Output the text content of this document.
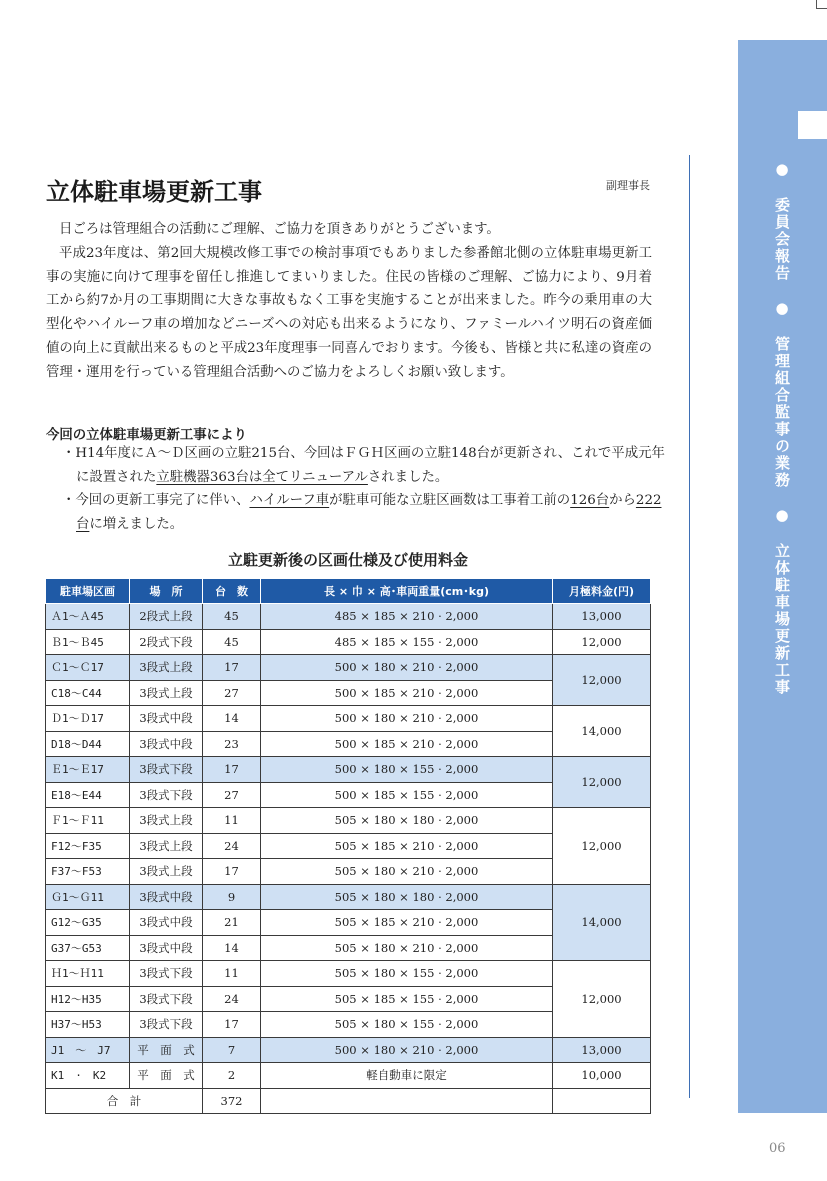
●　委員会報告　●　管理組合監事の業務　●　立体駐車場更新工事
立体駐車場更新工事	副理事長

日ごろは管理組合の活動にご理解、ご協力を頂きありがとうございます。

平成23年度は、第2回大規模改修工事での検討事項でもありました参番館北側の立体駐車場更新工事の実施に向けて理事を留任し推進してまいりました。住民の皆様のご理解、ご協力により、9月着工から約7か月の工事期間に大きな事故もなく工事を実施することが出来ました。昨今の乗用車の大型化やハイルーフ車の増加などニーズへの対応も出来るようになり、ファミールハイツ明石の資産価値の向上に貢献出来るものと平成23年度理事一同喜んでおります。今後も、皆様と共に私達の資産の管理・運用を行っている管理組合活動へのご協力をよろしくお願い致します。

今回の立体駐車場更新工事により
・H14年度にＡ～Ｄ区画の立駐215台、今回はＦＧＨ区画の立駐148台が更新され、これで平成元年に設置された立駐機器363台は全てリニューアルされました。
・今回の更新工事完了に伴い、ハイルーフ車が駐車可能な立駐区画数は工事着工前の126台から222台に増えました。
立駐更新後の区画仕様及び使用料金
駐車場区画	場　所	台　数	長 × 巾 × 高･車両重量(cm･kg)	月極料金(円)
Ａ1～Ａ45	2段式上段	45	485 × 185 × 210 · 2,000	13,000
Ｂ1～Ｂ45	2段式下段	45	485 × 185 × 155 · 2,000	12,000
Ｃ1～Ｃ17	3段式上段	17	500 × 180 × 210 · 2,000	12,000
C18～C44	3段式上段	27	500 × 185 × 210 · 2,000	
Ｄ1～Ｄ17	3段式中段	14	500 × 180 × 210 · 2,000	14,000
D18～D44	3段式中段	23	500 × 185 × 210 · 2,000	
Ｅ1～Ｅ17	3段式下段	17	500 × 180 × 155 · 2,000	12,000
E18～E44	3段式下段	27	500 × 185 × 155 · 2,000	
Ｆ1～Ｆ11	3段式上段	11	505 × 180 × 180 · 2,000	12,000
F12～F35	3段式上段	24	505 × 185 × 210 · 2,000	
F37～F53	3段式上段	17	505 × 180 × 210 · 2,000	
Ｇ1～Ｇ11	3段式中段	9	505 × 180 × 180 · 2,000	14,000
G12～G35	3段式中段	21	505 × 185 × 210 · 2,000	
G37～G53	3段式中段	14	505 × 180 × 210 · 2,000	
Ｈ1～Ｈ11	3段式下段	11	505 × 180 × 155 · 2,000	12,000
H12～H35	3段式下段	24	505 × 185 × 155 · 2,000	
H37～H53	3段式下段	17	505 × 180 × 155 · 2,000	
J1　～　J7	平　面　式	7	500 × 180 × 210 · 2,000	13,000
K1　·　K2	平　面　式	2	軽自動車に限定	10,000
合　計		372		
06
